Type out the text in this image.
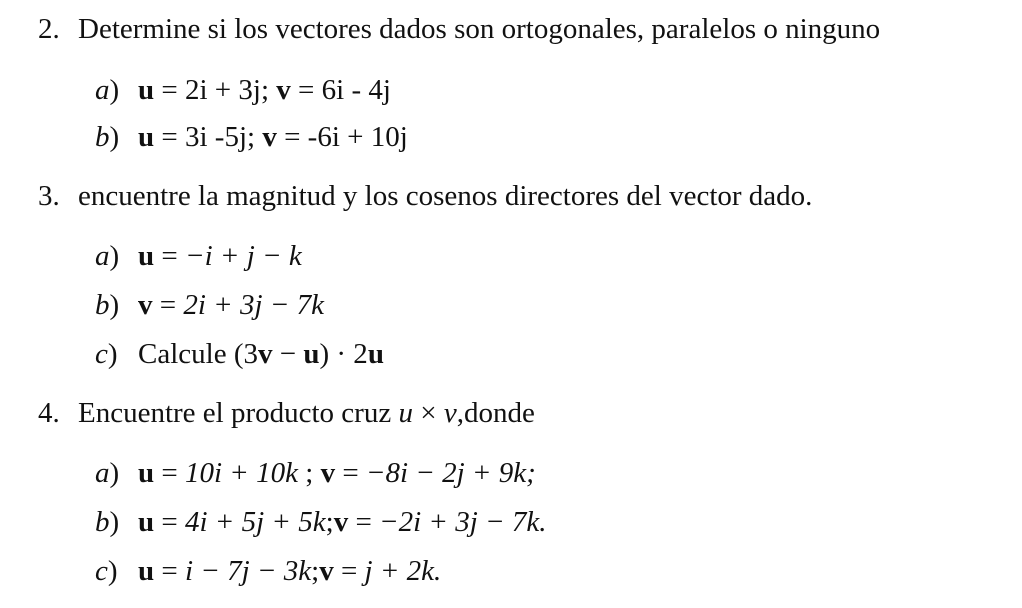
2. Determine si los vectores dados son ortogonales, paralelos o ninguno
a) u = 2i + 3j; v = 6i - 4j
b) u = 3i -5j; v = -6i + 10j
3. encuentre la magnitud y los cosenos directores del vector dado.
a) u = −i + j − k
b) v = 2i + 3j − 7k
c) Calcule (3v − u) · 2u
4. Encuentre el producto cruz u × v,donde
a) u = 10i + 10k ; v = −8i − 2j + 9k;
b) u = 4i + 5j + 5k;v = −2i + 3j − 7k.
c) u = i − 7j − 3k;v = j + 2k.
